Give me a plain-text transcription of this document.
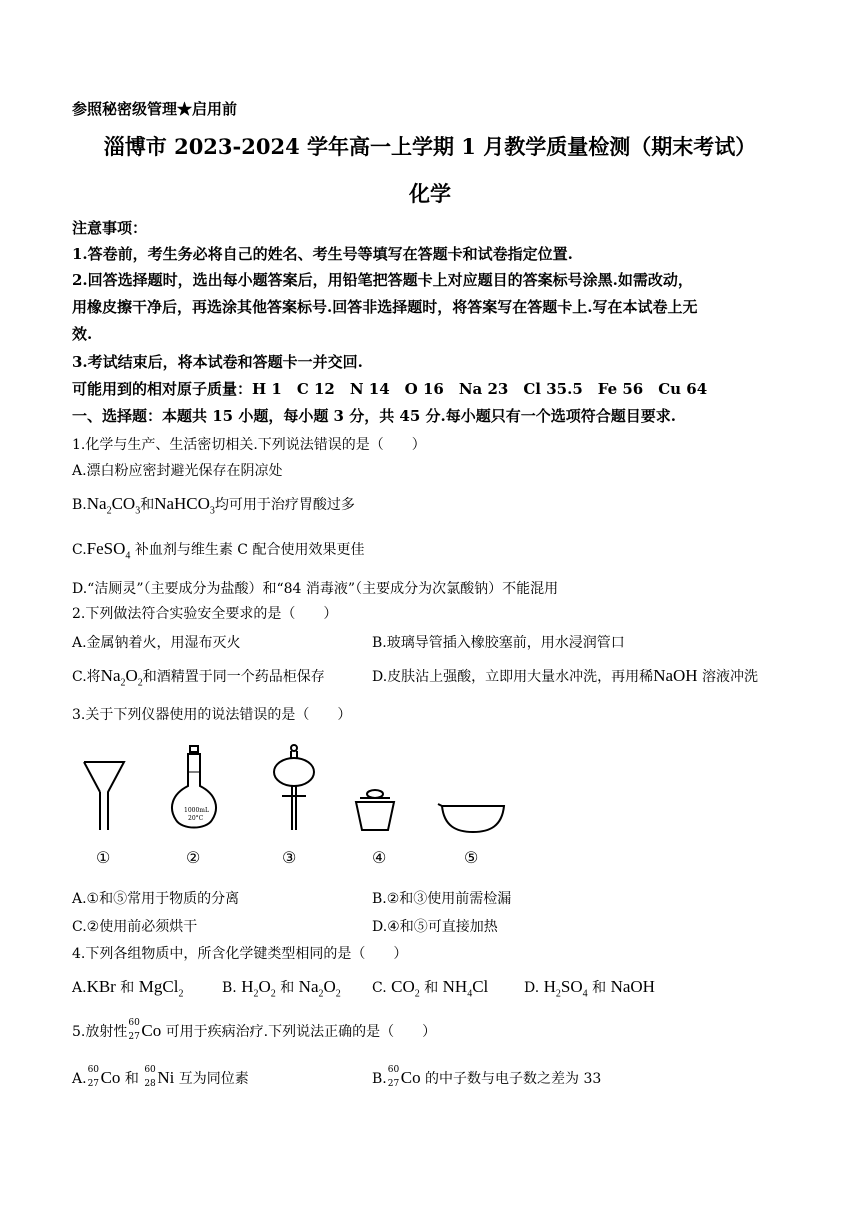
参照秘密级管理★启用前
淄博市 2023-2024 学年高一上学期 1 月教学质量检测（期末考试）
化学
注意事项：
1.答卷前，考生务必将自己的姓名、考生号等填写在答题卡和试卷指定位置.
2.回答选择题时，选出每小题答案后，用铅笔把答题卡上对应题目的答案标号涂黑.如需改动，
用橡皮擦干净后，再选涂其他答案标号.回答非选择题时，将答案写在答题卡上.写在本试卷上无
效.
3.考试结束后，将本试卷和答题卡一并交回.
可能用到的相对原子质量：H 1　C 12　N 14　O 16　Na 23　Cl 35.5　Fe 56　Cu 64
一、选择题：本题共 15 小题，每小题 3 分，共 45 分.每小题只有一个选项符合题目要求.
1.化学与生产、生活密切相关.下列说法错误的是（　　）
A.漂白粉应密封避光保存在阴凉处
$B.Na_2CO_3$和NaHCO$_3$均可用于治疗胃酸过多
C.FeSO$_4$ 补血剂与维生素 C 配合使用效果更佳
D.“洁厕灵”（主要成分为盐酸）和“84 消毒液”（主要成分为次氯酸钠）不能混用
2.下列做法符合实验安全要求的是（　　）
A.金属钠着火，用湿布灭火	B.玻璃导管插入橡胶塞前，用水浸润管口
C.将$Na_2O_2$和酒精置于同一个药品柜保存	D.皮肤沾上强酸，立即用大量水冲洗，再用稀NaOH 溶液冲洗
3.关于下列仪器使用的说法错误的是（　　）
1000mL
20°C
①	②	③	④	⑤
A.①和⑤常用于物质的分离	B.②和③使用前需检漏
C.②使用前必须烘干	D.④和⑤可直接加热
4.下列各组物质中，所含化学键类型相同的是（　　）
A.KBr 和 MgCl$_2$	B. $H_2O_2$ 和 $Na_2O_2$ C. $CO_2$ 和 $NH_4Cl$	D. $H_2SO_4$ 和 NaOH
5.放射性
60
27 Co 可用于疾病治疗.下列说法正确的是（　　）
A.
60
27 Co 和
60
28 Ni 互为同位素	B.
60
27 Co 的中子数与电子数之差为 33
